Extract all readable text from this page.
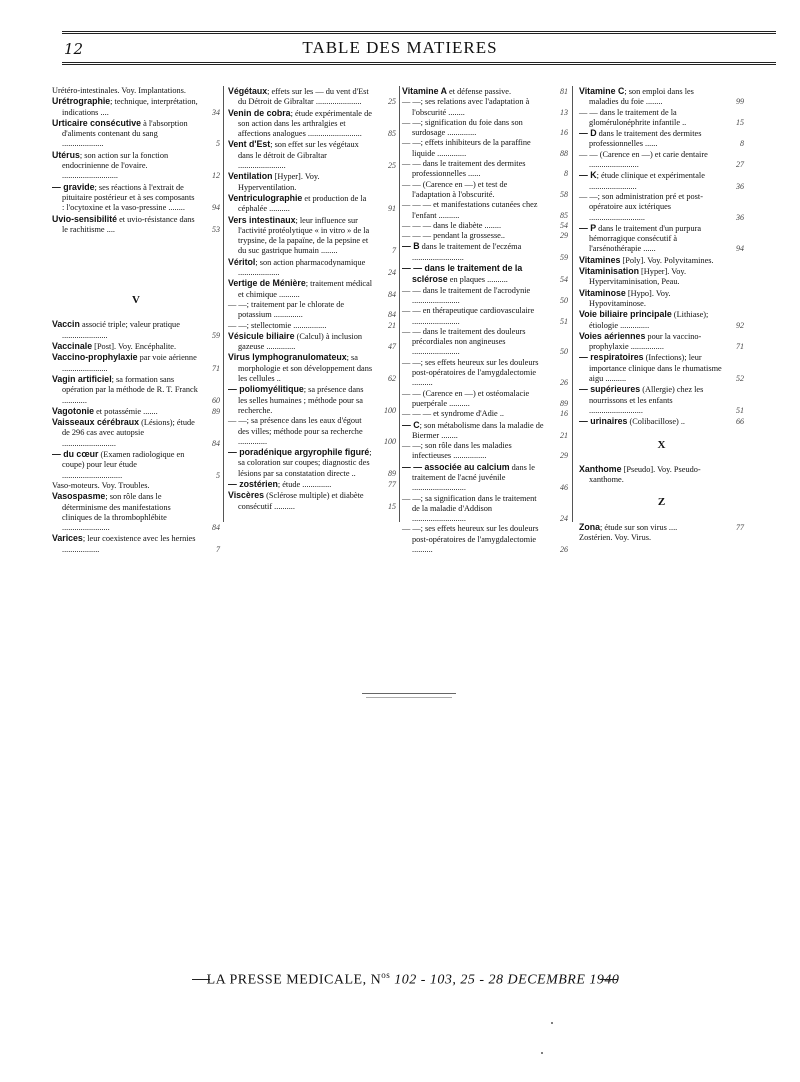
12	TABLE DES MATIERES
Urétéro-intestinales. Voy. Implantations.
Urétrographie; technique, interprétation, indications ....	34
Urticaire consécutive à l'absorption d'aliments contenant du sang ....................	5
Utérus; son action sur la fonction endocrinienne de l'ovaire. ...........................	12
— gravide; ses réactions à l'extrait de pituitaire postérieur et à ses composants : l'ocytoxine et la vaso-pressine ........	94
Uvio-sensibilité et uvio-résistance dans le rachitisme ....	53
V
Vaccin associé triple; valeur pratique ......................	59
Vaccinale [Post]. Voy. Encéphalite.
Vaccino-prophylaxie par voie aérienne ......................	71
Vagin artificiel; sa formation sans opération par la méthode de R. T. Franck ............	60
Vagotonie et potassémie .......	89
Vaisseaux cérébraux (Lésions); étude de 296 cas avec autopsie ..........................	84
— du cœur (Examen radiologique en coupe) pour leur étude .............................	5
Vaso-moteurs. Voy. Troubles.
Vasospasme; son rôle dans le déterminisme des manifestations cliniques de la thrombophlébite .......................	84
Varices; leur coexistence avec les hernies ..................	7
Végétaux; effets sur les — du vent d'Est du Détroit de Gibraltar ......................	25
Venin de cobra; étude expérimentale de son action dans les arthralgies et affections analogues ..........................	85
Vent d'Est; son effet sur les végétaux dans le détroit de Gibraltar .......................	25
Ventilation [Hyper]. Voy. Hyperventilation.
Ventriculographie et production de la céphalée ..........	91
Vers intestinaux; leur influence sur l'activité protéolytique « in vitro » de la trypsine, de la papaïne, de la pepsine et du suc gastrique humain ........	7
Véritol; son action pharmacodynamique ....................	24
Vertige de Ménière; traitement médical et chimique ..........	84
— —; traitement par le chlorate de potassium ..............	84
— —; stellectomie ................	21
Vésicule biliaire (Calcul) à inclusion gazeuse ..............	47
Virus lymphogranulomateux; sa morphologie et son développement dans les cellules ..	62
— poliomyélitique; sa présence dans les selles humaines ; méthode pour sa recherche.	100
— —; sa présence dans les eaux d'égout des villes; méthode pour sa recherche ..............	100
— poradénique argyrophile figuré; sa coloration sur coupes; diagnostic des lésions par sa constatation directe ..	89
— zostérien; étude ..............	77
Viscères (Sclérose multiple) et diabète consécutif ..........	15
Vitamine A et défense passive.	81
— —; ses relations avec l'adaptation à l'obscurité ........	13
— —; signification du foie dans son surdosage ..............	16
— —; effets inhibiteurs de la paraffine liquide ..............	88
— — dans le traitement des dermites professionnelles ......	8
— — (Carence en —) et test de l'adaptation à l'obscurité.	58
— — — et manifestations cutanées chez l'enfant ..........	85
— — — dans le diabète ........	54
— — — pendant la grossesse..	29
— B dans le traitement de l'eczéma .........................	59
— — dans le traitement de la sclérose en plaques ..........	54
— — dans le traitement de l'acrodynie .......................	50
— — en thérapeutique cardiovasculaire .......................	51
— — dans le traitement des douleurs précordiales non angineuses .......................	50
— —; ses effets heureux sur les douleurs post-opératoires de l'amygdalectomie ..........	26
— — (Carence en —) et ostéomalacie puerpérale ..........	89
— — — et syndrome d'Adie ..	16
— C; son métabolisme dans la maladie de Biermer ........	21
— —; son rôle dans les maladies infectieuses ................	29
— — associée au calcium dans le traitement de l'acné juvénile ..........................	46
— —; sa signification dans le traitement de la maladie d'Addison ..........................	24
— —; ses effets heureux sur les douleurs post-opératoires de l'amygdalectomie ..........	26
Vitamine C; son emploi dans les maladies du foie ........	99
— — dans le traitement de la glomérulonéphrite infantile ..	15
— D dans le traitement des dermites professionnelles ......	8
— — (Carence en —) et carie dentaire ........................	27
— K; étude clinique et expérimentale .......................	36
— —; son administration pré et post-opératoire aux ictériques ...........................	36
— P dans le traitement d'un purpura hémorragique consécutif à l'arsénothérapie ......	94
Vitamines [Poly]. Voy. Polyvitamines.
Vitaminisation [Hyper]. Voy. Hypervitaminisation, Peau.
Vitaminose [Hypo]. Voy. Hypovitaminose.
Voie biliaire principale (Lithiase); étiologie ..............	92
Voies aériennes pour la vaccino-prophylaxie ................	71
— respiratoires (Infections); leur importance clinique dans le rhumatisme aigu ..........	52
— supérieures (Allergie) chez les nourrissons et les enfants ..........................	51
— urinaires (Colibacillose) ..	66
X
Xanthome [Pseudo]. Voy. Pseudo-xanthome.
Z
Zona; étude sur son virus ....	77
Zostérien. Voy. Virus.
LA PRESSE MEDICALE, $N^{os}$ 102 - 103, 25 - 28 DECEMBRE 1940
